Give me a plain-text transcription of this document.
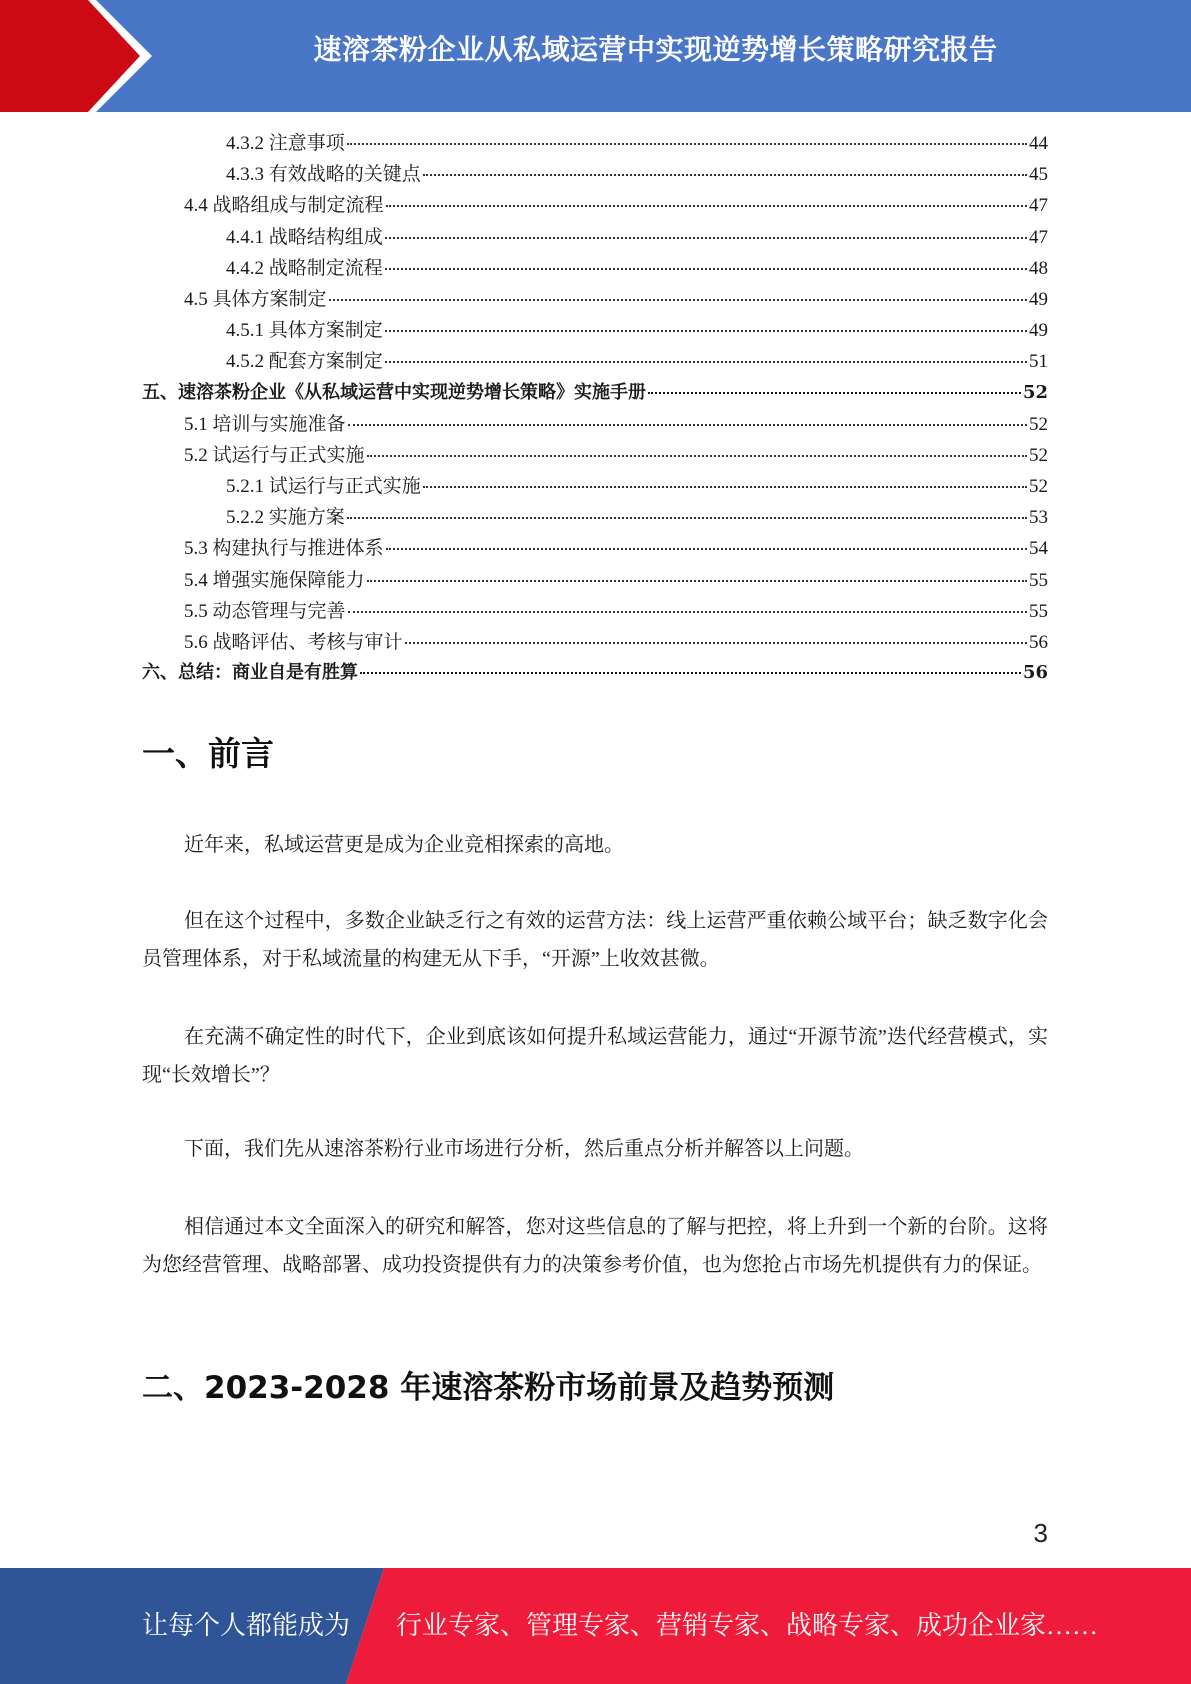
速溶茶粉企业从私域运营中实现逆势增长策略研究报告
4.3.2 注意事项	44
4.3.3 有效战略的关键点	45
4.4 战略组成与制定流程	47
4.4.1 战略结构组成	47
4.4.2 战略制定流程	48
4.5 具体方案制定	49
4.5.1 具体方案制定	49
4.5.2 配套方案制定	51
五、速溶茶粉企业《从私域运营中实现逆势增长策略》实施手册	52
5.1 培训与实施准备	52
5.2 试运行与正式实施	52
5.2.1 试运行与正式实施	52
5.2.2 实施方案	53
5.3 构建执行与推进体系	54
5.4 增强实施保障能力	55
5.5 动态管理与完善	55
5.6 战略评估、考核与审计	56
六、总结：商业自是有胜算	56
一、前言

近年来，私域运营更是成为企业竞相探索的高地。

但在这个过程中，多数企业缺乏行之有效的运营方法：线上运营严重依赖公域平台；缺乏数字化会员管理体系，对于私域流量的构建无从下手，“开源”上收效甚微。

在充满不确定性的时代下，企业到底该如何提升私域运营能力，通过“开源节流”迭代经营模式，实现“长效增长”？

下面，我们先从速溶茶粉行业市场进行分析，然后重点分析并解答以上问题。

相信通过本文全面深入的研究和解答，您对这些信息的了解与把控，将上升到一个新的台阶。这将为您经营管理、战略部署、成功投资提供有力的决策参考价值，也为您抢占市场先机提供有力的保证。

二、2023-2028 年速溶茶粉市场前景及趋势预测
3
让每个人都能成为 行业专家、管理专家、营销专家、战略专家、成功企业家……
